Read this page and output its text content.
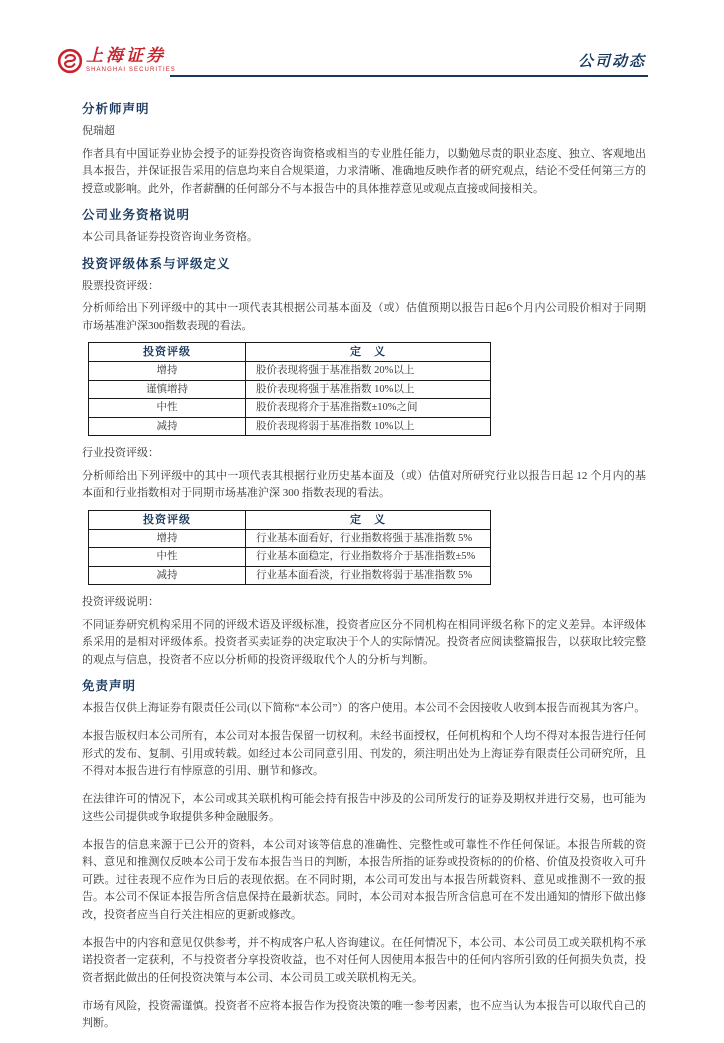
上海证券
SHANGHAI SECURITIES	公司动态
分析师声明

倪瑞超

作者具有中国证券业协会授予的证券投资咨询资格或相当的专业胜任能力，以勤勉尽责的职业态度、独立、客观地出具本报告，并保证报告采用的信息均来自合规渠道，力求清晰、准确地反映作者的研究观点，结论不受任何第三方的授意或影响。此外，作者薪酬的任何部分不与本报告中的具体推荐意见或观点直接或间接相关。

公司业务资格说明

本公司具备证券投资咨询业务资格。

投资评级体系与评级定义

股票投资评级：

分析师给出下列评级中的其中一项代表其根据公司基本面及（或）估值预期以报告日起6个月内公司股价相对于同期市场基准沪深300指数表现的看法。

投资评级	定　义
增持	股价表现将强于基准指数 20%以上
谨慎增持	股价表现将强于基准指数 10%以上
中性	股价表现将介于基准指数±10%之间
减持	股价表现将弱于基准指数 10%以上

行业投资评级：

分析师给出下列评级中的其中一项代表其根据行业历史基本面及（或）估值对所研究行业以报告日起 12 个月内的基本面和行业指数相对于同期市场基准沪深 300 指数表现的看法。

投资评级	定　义
增持	行业基本面看好，行业指数将强于基准指数 5%
中性	行业基本面稳定，行业指数将介于基准指数±5%
减持	行业基本面看淡，行业指数将弱于基准指数 5%

投资评级说明：

不同证券研究机构采用不同的评级术语及评级标准，投资者应区分不同机构在相同评级名称下的定义差异。本评级体系采用的是相对评级体系。投资者买卖证券的决定取决于个人的实际情况。投资者应阅读整篇报告，以获取比较完整的观点与信息，投资者不应以分析师的投资评级取代个人的分析与判断。

免责声明

本报告仅供上海证券有限责任公司(以下简称“本公司”）的客户使用。本公司不会因接收人收到本报告而视其为客户。

本报告版权归本公司所有，本公司对本报告保留一切权利。未经书面授权，任何机构和个人均不得对本报告进行任何形式的发布、复制、引用或转载。如经过本公司同意引用、刊发的，须注明出处为上海证券有限责任公司研究所，且不得对本报告进行有悖原意的引用、删节和修改。

在法律许可的情况下，本公司或其关联机构可能会持有报告中涉及的公司所发行的证券及期权并进行交易，也可能为这些公司提供或争取提供多种金融服务。

本报告的信息来源于已公开的资料，本公司对该等信息的准确性、完整性或可靠性不作任何保证。本报告所载的资料、意见和推测仅反映本公司于发布本报告当日的判断，本报告所指的证券或投资标的的价格、价值及投资收入可升可跌。过往表现不应作为日后的表现依据。在不同时期，本公司可发出与本报告所载资料、意见或推测不一致的报告。本公司不保证本报告所含信息保持在最新状态。同时，本公司对本报告所含信息可在不发出通知的情形下做出修改，投资者应当自行关注相应的更新或修改。

本报告中的内容和意见仅供参考，并不构成客户私人咨询建议。在任何情况下，本公司、本公司员工或关联机构不承诺投资者一定获利，不与投资者分享投资收益，也不对任何人因使用本报告中的任何内容所引致的任何损失负责，投资者据此做出的任何投资决策与本公司、本公司员工或关联机构无关。

市场有风险，投资需谨慎。投资者不应将本报告作为投资决策的唯一参考因素，也不应当认为本报告可以取代自己的判断。
